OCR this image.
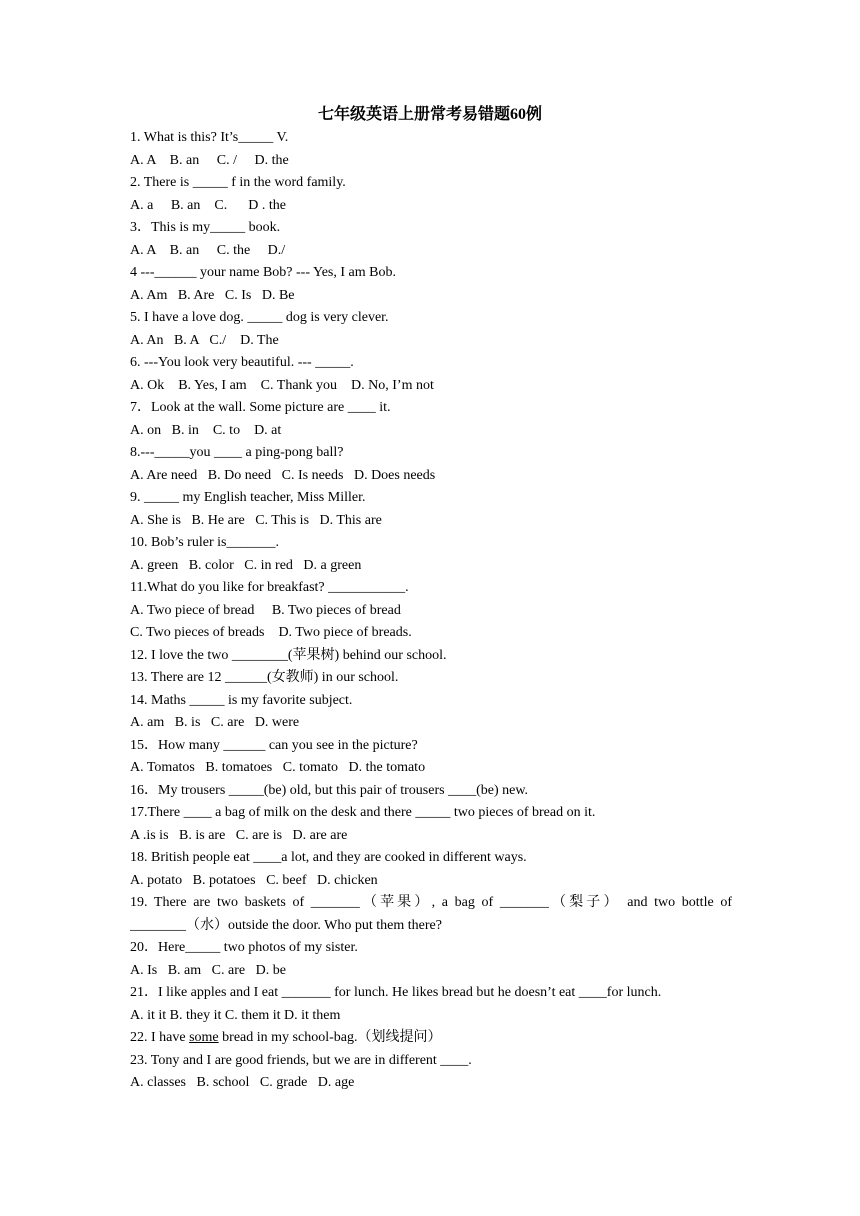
七年级英语上册常考易错题60例
1. What is this? It’s_____ V.
A. A    B. an     C. /     D. the
2. There is _____ f in the word family.
A. a     B. an    C.      D . the
3．This is my_____ book.
A. A    B. an     C. the     D./
4 ---______ your name Bob? --- Yes, I am Bob.
A. Am   B. Are   C. Is   D. Be
5. I have a love dog. _____ dog is very clever.
A. An   B. A   C./    D. The
6. ---You look very beautiful. --- _____.
A. Ok    B. Yes, I am    C. Thank you    D. No, I’m not
7．Look at the wall. Some picture are ____ it.
A. on   B. in    C. to    D. at
8.---_____you ____ a ping-pong ball?
A. Are need   B. Do need   C. Is needs   D. Does needs
9. _____ my English teacher, Miss Miller.
A. She is   B. He are   C. This is   D. This are
10. Bob’s ruler is_______.
A. green   B. color   C. in red   D. a green
11.What do you like for breakfast? ___________.
A. Two piece of bread     B. Two pieces of bread
C. Two pieces of breads    D. Two piece of breads.
12. I love the two ________(苹果树) behind our school.
13. There are 12 ______(女教师) in our school.
14. Maths _____ is my favorite subject.
A. am   B. is   C. are   D. were
15．How many ______ can you see in the picture?
A. Tomatos   B. tomatoes   C. tomato   D. the tomato
16．My trousers _____(be) old, but this pair of trousers ____(be) new.
17.There ____ a bag of milk on the desk and there _____ two pieces of bread on it.
A .is is   B. is are   C. are is   D. are are
18. British people eat ____a lot, and they are cooked in different ways.
A. potato   B. potatoes   C. beef   D. chicken
19. There are two baskets of _______（苹果）, a bag of _______（梨子） and two bottle of
________（水）outside the door. Who put them there?
20．Here_____ two photos of my sister.
A. Is   B. am   C. are   D. be
21．I like apples and I eat _______ for lunch. He likes bread but he doesn’t eat ____for lunch.
A. it it B. they it C. them it D. it them
22. I have some bread in my school-bag.（划线提问）
23. Tony and I are good friends, but we are in different ____.
A. classes   B. school   C. grade   D. age
